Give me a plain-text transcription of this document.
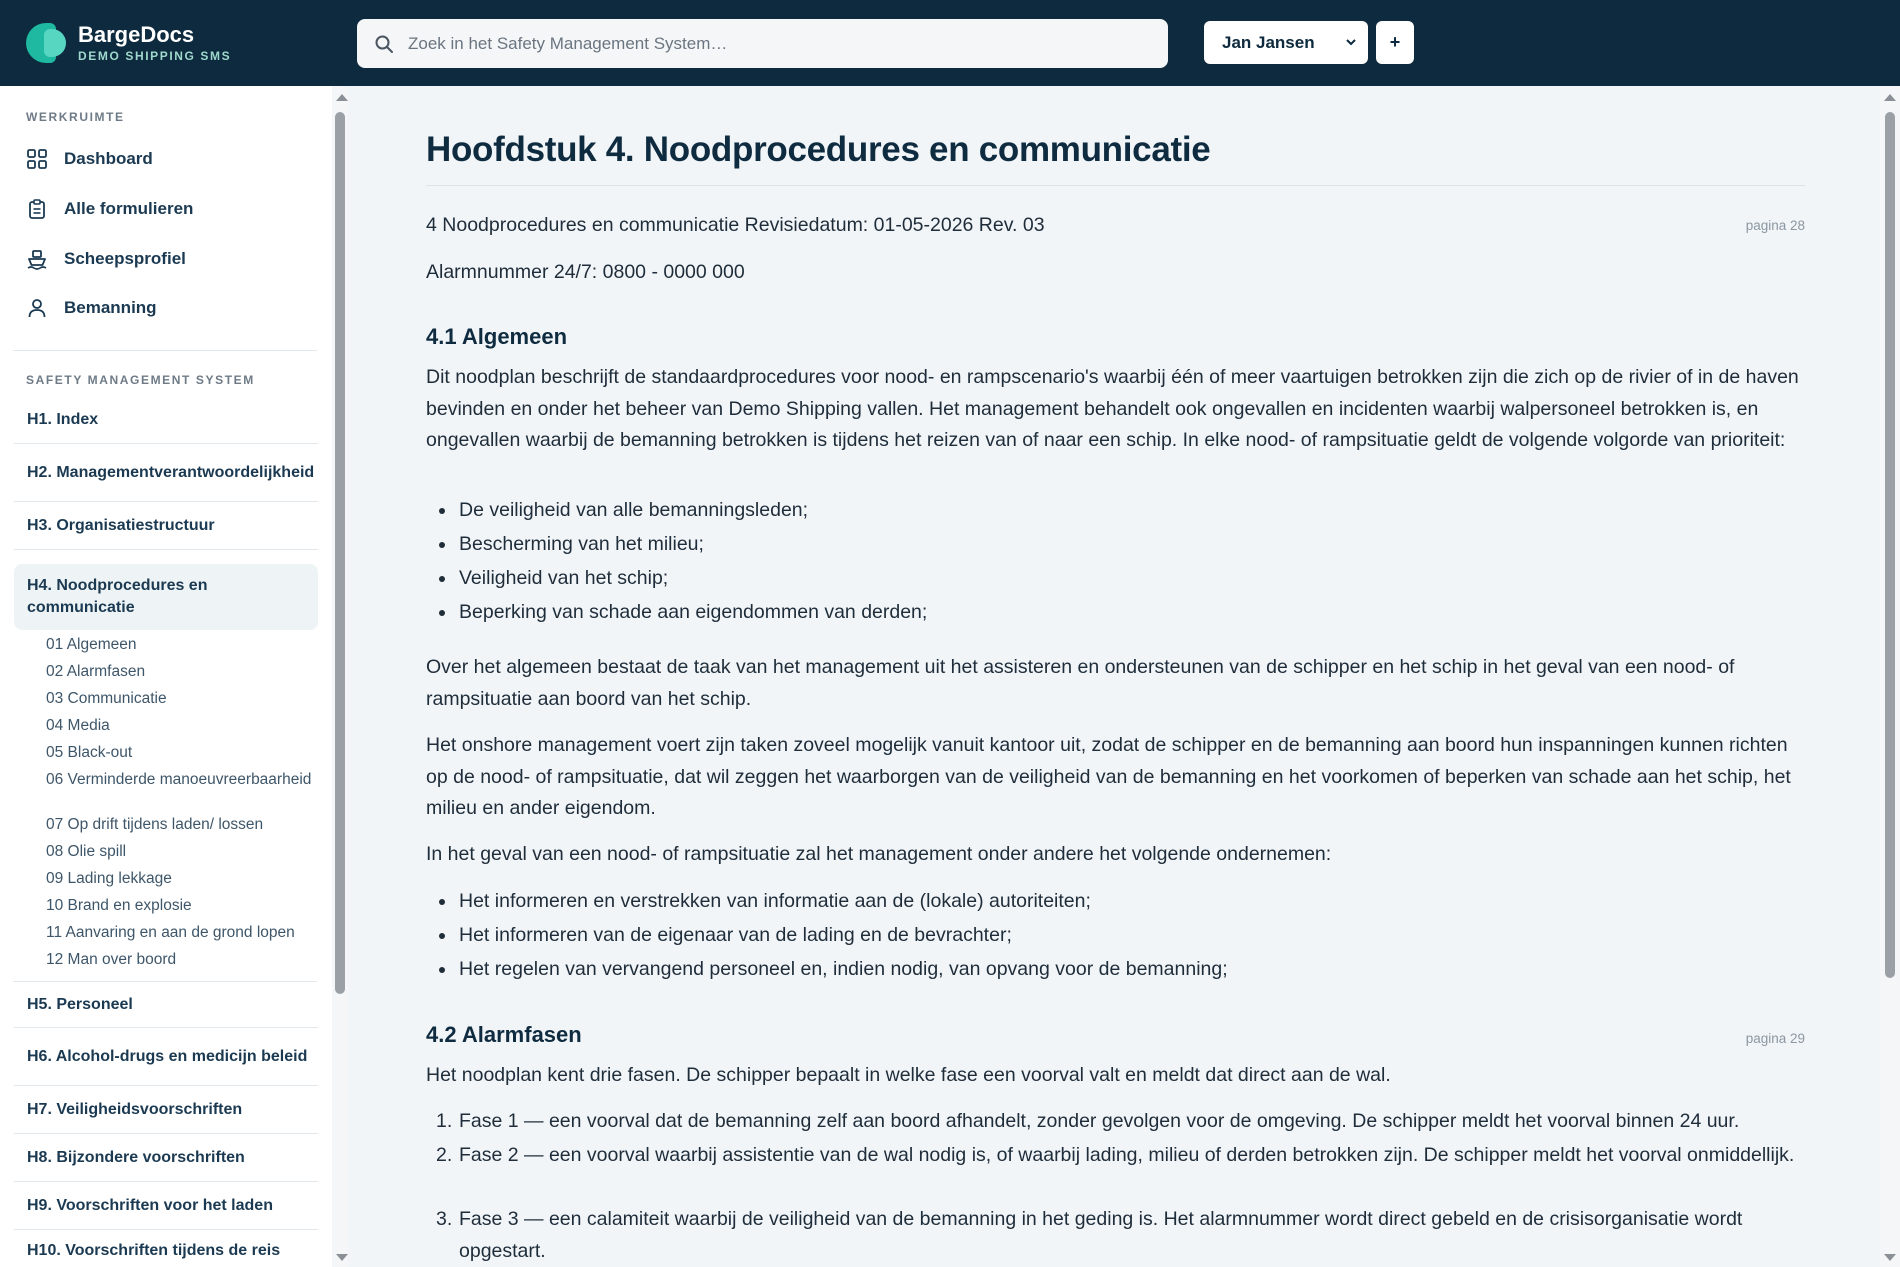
BargeDocs
DEMO SHIPPING SMS
Zoek in het Safety Management System…
Jan Jansen	+
WERKRUIMTE
Dashboard
Alle formulieren
Scheepsprofiel
Bemanning
SAFETY MANAGEMENT SYSTEM
H1. Index
H2. Managementverantwoordelijkheid
H3. Organisatiestructuur
H4. Noodprocedures en communicatie
01 Algemeen
02 Alarmfasen
03 Communicatie
04 Media
05 Black-out
06 Verminderde manoeuvreerbaarheid
07 Op drift tijdens laden/ lossen
08 Olie spill
09 Lading lekkage
10 Brand en explosie
11 Aanvaring en aan de grond lopen
12 Man over boord
H5. Personeel
H6. Alcohol-drugs en medicijn beleid
H7. Veiligheidsvoorschriften
H8. Bijzondere voorschriften
H9. Voorschriften voor het laden
H10. Voorschriften tijdens de reis
Hoofdstuk 4. Noodprocedures en communicatie
4 Noodprocedures en communicatie Revisiedatum: 01-05-2026 Rev. 03	pagina 28
Alarmnummer 24/7: 0800 - 0000 000
4.1 Algemeen
Dit noodplan beschrijft de standaardprocedures voor nood- en rampscenario's waarbij één of meer vaartuigen betrokken zijn die zich op de rivier of in de haven bevinden en onder het beheer van Demo Shipping vallen. Het management behandelt ook ongevallen en incidenten waarbij walpersoneel betrokken is, en ongevallen waarbij de bemanning betrokken is tijdens het reizen van of naar een schip. In elke nood- of rampsituatie geldt de volgende volgorde van prioriteit:
De veiligheid van alle bemanningsleden;
Bescherming van het milieu;
Veiligheid van het schip;
Beperking van schade aan eigendommen van derden;
Over het algemeen bestaat de taak van het management uit het assisteren en ondersteunen van de schipper en het schip in het geval van een nood- of rampsituatie aan boord van het schip.
Het onshore management voert zijn taken zoveel mogelijk vanuit kantoor uit, zodat de schipper en de bemanning aan boord hun inspanningen kunnen richten op de nood- of rampsituatie, dat wil zeggen het waarborgen van de veiligheid van de bemanning en het voorkomen of beperken van schade aan het schip, het milieu en ander eigendom.
In het geval van een nood- of rampsituatie zal het management onder andere het volgende ondernemen:
Het informeren en verstrekken van informatie aan de (lokale) autoriteiten;
Het informeren van de eigenaar van de lading en de bevrachter;
Het regelen van vervangend personeel en, indien nodig, van opvang voor de bemanning;
4.2 Alarmfasen	pagina 29
Het noodplan kent drie fasen. De schipper bepaalt in welke fase een voorval valt en meldt dat direct aan de wal.
1. Fase 1 — een voorval dat de bemanning zelf aan boord afhandelt, zonder gevolgen voor de omgeving. De schipper meldt het voorval binnen 24 uur.
2. Fase 2 — een voorval waarbij assistentie van de wal nodig is, of waarbij lading, milieu of derden betrokken zijn. De schipper meldt het voorval onmiddellijk.
3. Fase 3 — een calamiteit waarbij de veiligheid van de bemanning in het geding is. Het alarmnummer wordt direct gebeld en de crisisorganisatie wordt opgestart.
